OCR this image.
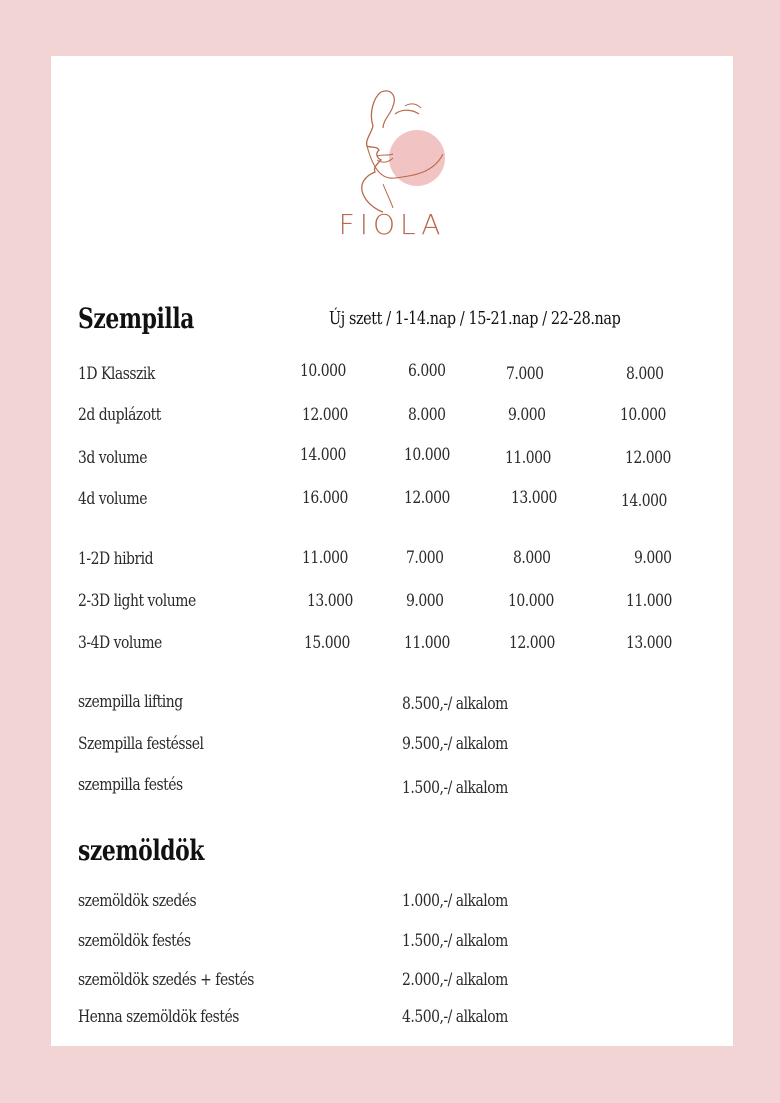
FIOLA
Szempilla	Új szett / 1-14.nap / 15-21.nap / 22-28.nap
1D Klasszik	10.000	6.000	7.000	8.000
2d duplázott	12.000	8.000	9.000	10.000
3d volume	14.000	10.000	11.000	12.000
4d volume	16.000	12.000	13.000	14.000
1-2D hibrid	11.000	7.000	8.000	9.000
2-3D light volume	13.000	9.000	10.000	11.000
3-4D volume	15.000	11.000	12.000	13.000
szempilla lifting	8.500,-/ alkalom
Szempilla festéssel	9.500,-/ alkalom
szempilla festés	1.500,-/ alkalom
szemöldök
szemöldök szedés	1.000,-/ alkalom
szemöldök festés	1.500,-/ alkalom
szemöldök szedés + festés	2.000,-/ alkalom
Henna szemöldök festés	4.500,-/ alkalom
